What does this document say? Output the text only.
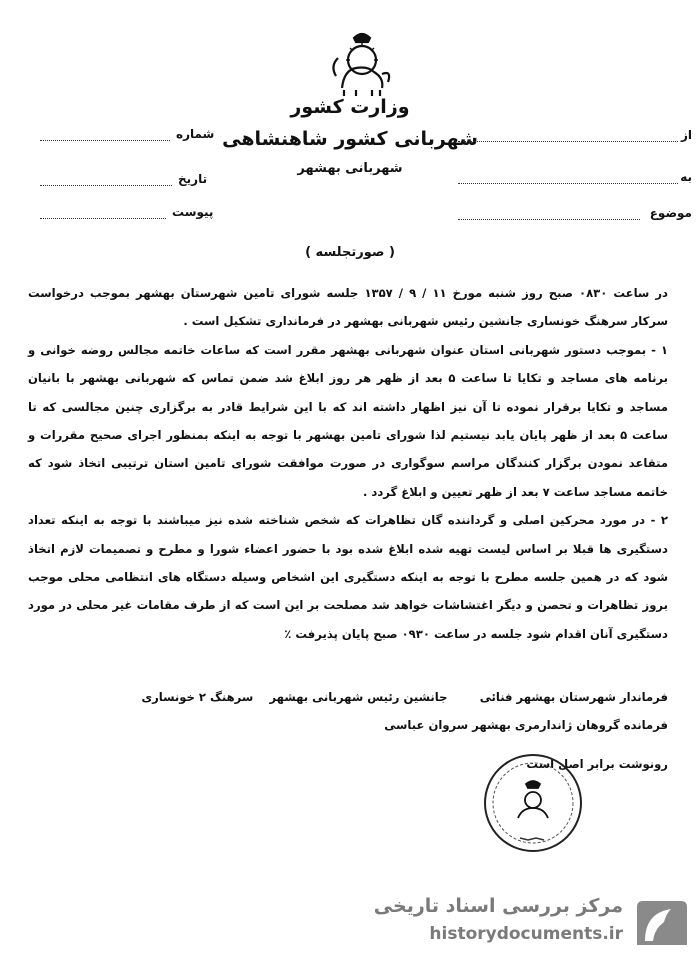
وزارت کشور
شهربانی کشور شاهنشاهی
شهربانی بهشهر
شماره
تاریخ
پیوست
از
به
موضوع
( صورتجلسه )

در ساعت ۰۸۳۰ صبح روز شنبه مورخ ۱۱ / ۹ / ۱۳۵۷ جلسه شورای تامین شهرستان بهشهر بموجب درخواست سرکار سرهنگ خونساری جانشین رئیس شهربانی بهشهر در فرمانداری تشکیل است .

۱ - بموجب دستور شهربانی استان عنوان شهربانی بهشهر مقرر است که ساعات خاتمه مجالس روضه خوانی و برنامه های مساجد و تکایا تا ساعت ۵ بعد از ظهر هر روز ابلاغ شد ضمن تماس که شهربانی بهشهر با بانیان مساجد و تکایا برقرار نموده تا آن نیز اظهار داشته اند که با این شرایط قادر به برگزاری چنین مجالسی که تا ساعت ۵ بعد از ظهر پایان یابد نیستیم لذا شورای تامین بهشهر با توجه به اینکه بمنظور اجرای صحیح مقررات و متقاعد نمودن برگزار کنندگان مراسم سوگواری در صورت موافقت شورای تامین استان ترتیبی اتخاذ شود که خاتمه مساجد ساعت ۷ بعد از ظهر تعیین و ابلاغ گردد .

۲ - در مورد محرکین اصلی و گرداننده گان تظاهرات که شخص شناخته شده نیز میباشند با توجه به اینکه تعداد دستگیری ها قبلا بر اساس لیست تهیه شده ابلاغ شده بود با حضور اعضاء شورا و مطرح و تصمیمات لازم اتخاذ شود که در همین جلسه مطرح با توجه به اینکه دستگیری این اشخاص وسیله دستگاه های انتظامی محلی موجب بروز تظاهرات و تحصن و دیگر اغتشاشات خواهد شد مصلحت بر این است که از طرف مقامات غیر محلی در مورد دستگیری آنان اقدام شود جلسه در ساعت ۰۹۳۰ صبح پایان پذیرفت ٪

فرماندار شهرستان بهشهر فنائی        جانشین رئیس شهربانی بهشهر    سرهنگ ۲ خونساری

فرمانده گروهان ژاندارمری بهشهر سروان عباسی

رونوشت برابر اصل است
مرکز بررسی اسناد تاریخی
historydocuments.ir
